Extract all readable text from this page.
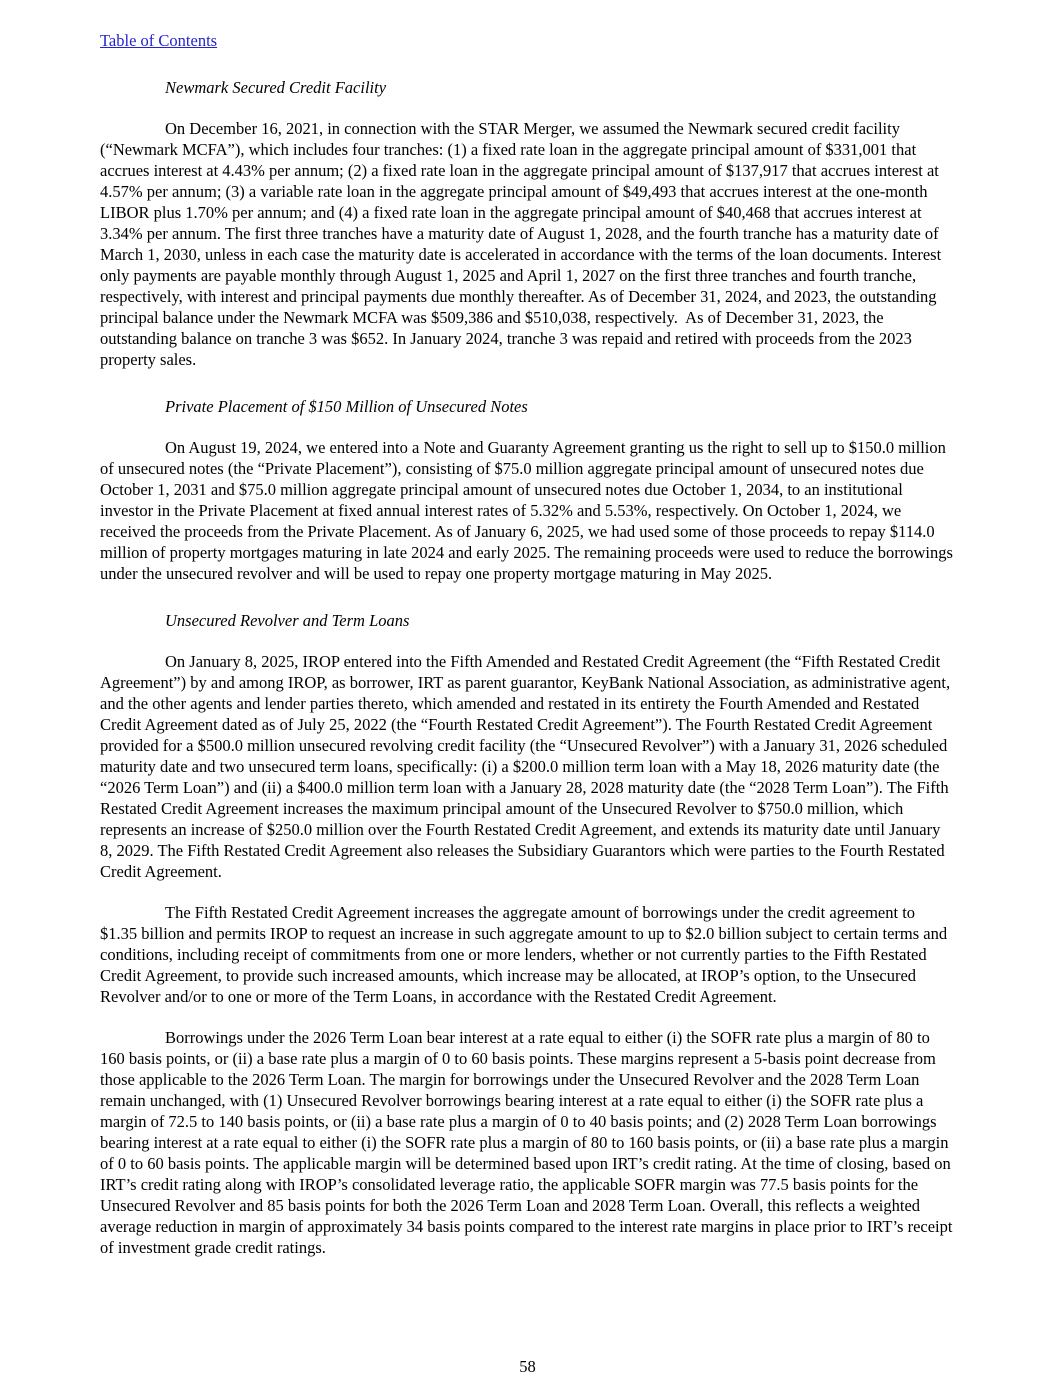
Table of Contents
Newmark Secured Credit Facility

On December 16, 2021, in connection with the STAR Merger, we assumed the Newmark secured credit facility (“Newmark MCFA”), which includes four tranches: (1) a fixed rate loan in the aggregate principal amount of $331,001 that accrues interest at 4.43% per annum; (2) a fixed rate loan in the aggregate principal amount of $137,917 that accrues interest at 4.57% per annum; (3) a variable rate loan in the aggregate principal amount of $49,493 that accrues interest at the one-month LIBOR plus 1.70% per annum; and (4) a fixed rate loan in the aggregate principal amount of $40,468 that accrues interest at 3.34% per annum. The first three tranches have a maturity date of August 1, 2028, and the fourth tranche has a maturity date of March 1, 2030, unless in each case the maturity date is accelerated in accordance with the terms of the loan documents. Interest only payments are payable monthly through August 1, 2025 and April 1, 2027 on the first three tranches and fourth tranche, respectively, with interest and principal payments due monthly thereafter. As of December 31, 2024, and 2023, the outstanding principal balance under the Newmark MCFA was $509,386 and $510,038, respectively.  As of December 31, 2023, the outstanding balance on tranche 3 was $652. In January 2024, tranche 3 was repaid and retired with proceeds from the 2023 property sales.

Private Placement of $150 Million of Unsecured Notes

On August 19, 2024, we entered into a Note and Guaranty Agreement granting us the right to sell up to $150.0 million of unsecured notes (the “Private Placement”), consisting of $75.0 million aggregate principal amount of unsecured notes due October 1, 2031 and $75.0 million aggregate principal amount of unsecured notes due October 1, 2034, to an institutional investor in the Private Placement at fixed annual interest rates of 5.32% and 5.53%, respectively. On October 1, 2024, we received the proceeds from the Private Placement. As of January 6, 2025, we had used some of those proceeds to repay $114.0 million of property mortgages maturing in late 2024 and early 2025. The remaining proceeds were used to reduce the borrowings under the unsecured revolver and will be used to repay one property mortgage maturing in May 2025.

Unsecured Revolver and Term Loans

On January 8, 2025, IROP entered into the Fifth Amended and Restated Credit Agreement (the “Fifth Restated Credit Agreement”) by and among IROP, as borrower, IRT as parent guarantor, KeyBank National Association, as administrative agent, and the other agents and lender parties thereto, which amended and restated in its entirety the Fourth Amended and Restated Credit Agreement dated as of July 25, 2022 (the “Fourth Restated Credit Agreement”). The Fourth Restated Credit Agreement provided for a $500.0 million unsecured revolving credit facility (the “Unsecured Revolver”) with a January 31, 2026 scheduled maturity date and two unsecured term loans, specifically: (i) a $200.0 million term loan with a May 18, 2026 maturity date (the “2026 Term Loan”) and (ii) a $400.0 million term loan with a January 28, 2028 maturity date (the “2028 Term Loan”). The Fifth Restated Credit Agreement increases the maximum principal amount of the Unsecured Revolver to $750.0 million, which represents an increase of $250.0 million over the Fourth Restated Credit Agreement, and extends its maturity date until January 8, 2029. The Fifth Restated Credit Agreement also releases the Subsidiary Guarantors which were parties to the Fourth Restated Credit Agreement.

The Fifth Restated Credit Agreement increases the aggregate amount of borrowings under the credit agreement to $1.35 billion and permits IROP to request an increase in such aggregate amount to up to $2.0 billion subject to certain terms and conditions, including receipt of commitments from one or more lenders, whether or not currently parties to the Fifth Restated Credit Agreement, to provide such increased amounts, which increase may be allocated, at IROP’s option, to the Unsecured Revolver and/or to one or more of the Term Loans, in accordance with the Restated Credit Agreement.

Borrowings under the 2026 Term Loan bear interest at a rate equal to either (i) the SOFR rate plus a margin of 80 to 160 basis points, or (ii) a base rate plus a margin of 0 to 60 basis points. These margins represent a 5-basis point decrease from those applicable to the 2026 Term Loan. The margin for borrowings under the Unsecured Revolver and the 2028 Term Loan remain unchanged, with (1) Unsecured Revolver borrowings bearing interest at a rate equal to either (i) the SOFR rate plus a margin of 72.5 to 140 basis points, or (ii) a base rate plus a margin of 0 to 40 basis points; and (2) 2028 Term Loan borrowings bearing interest at a rate equal to either (i) the SOFR rate plus a margin of 80 to 160 basis points, or (ii) a base rate plus a margin of 0 to 60 basis points. The applicable margin will be determined based upon IRT’s credit rating. At the time of closing, based on IRT’s credit rating along with IROP’s consolidated leverage ratio, the applicable SOFR margin was 77.5 basis points for the Unsecured Revolver and 85 basis points for both the 2026 Term Loan and 2028 Term Loan. Overall, this reflects a weighted average reduction in margin of approximately 34 basis points compared to the interest rate margins in place prior to IRT’s receipt of investment grade credit ratings.

58
